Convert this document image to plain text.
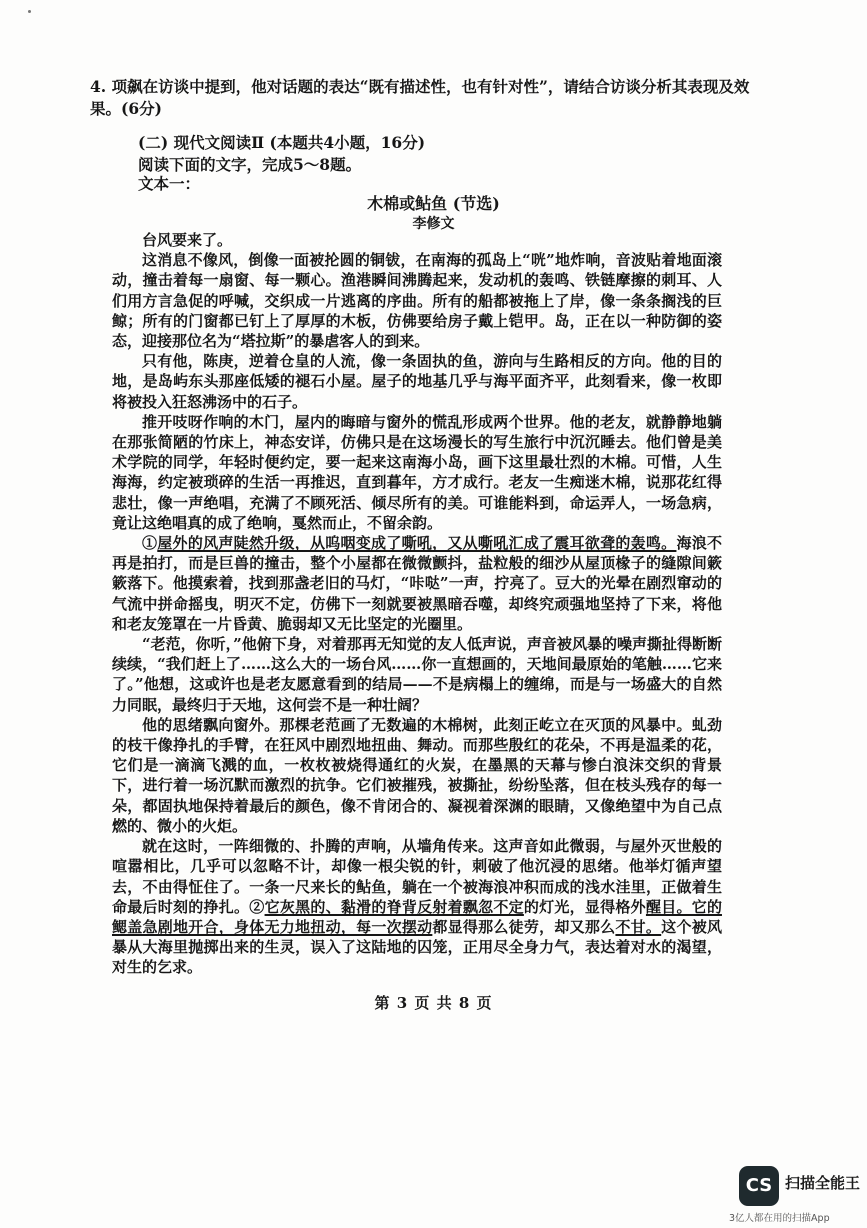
4. 项飙在访谈中提到，他对话题的表达“既有描述性，也有针对性”，请结合访谈分析其表现及效果。(6分)
(二) 现代文阅读Ⅱ (本题共4小题，16分)
阅读下面的文字，完成5～8题。
文本一：
木棉或鲇鱼 (节选)
李修文

台风要来了。

这消息不像风，倒像一面被抡圆的铜钹，在南海的孤岛上“咣”地炸响，音波贴着地面滚动，撞击着每一扇窗、每一颗心。渔港瞬间沸腾起来，发动机的轰鸣、铁链摩擦的刺耳、人们用方言急促的呼喊，交织成一片逃离的序曲。所有的船都被拖上了岸，像一条条搁浅的巨鲸；所有的门窗都已钉上了厚厚的木板，仿佛要给房子戴上铠甲。岛，正在以一种防御的姿态，迎接那位名为“塔拉斯”的暴虐客人的到来。

只有他，陈庚，逆着仓皇的人流，像一条固执的鱼，游向与生路相反的方向。他的目的地，是岛屿东头那座低矮的褪石小屋。屋子的地基几乎与海平面齐平，此刻看来，像一枚即将被投入狂怒沸汤中的石子。

推开吱呀作响的木门，屋内的晦暗与窗外的慌乱形成两个世界。他的老友，就静静地躺在那张简陋的竹床上，神态安详，仿佛只是在这场漫长的写生旅行中沉沉睡去。他们曾是美术学院的同学，年轻时便约定，要一起来这南海小岛，画下这里最壮烈的木棉。可惜，人生海海，约定被琐碎的生活一再推迟，直到暮年，方才成行。老友一生痴迷木棉，说那花红得悲壮，像一声绝唱，充满了不顾死活、倾尽所有的美。可谁能料到，命运弄人，一场急病，竟让这绝唱真的成了绝响，戛然而止，不留余韵。

①屋外的风声陡然升级，从呜咽变成了嘶吼，又从嘶吼汇成了震耳欲聋的轰鸣。海浪不再是拍打，而是巨兽的撞击，整个小屋都在微微颤抖，盐粒般的细沙从屋顶椽子的缝隙间簌簌落下。他摸索着，找到那盏老旧的马灯，“咔哒”一声，拧亮了。豆大的光晕在剧烈窜动的气流中拼命摇曳，明灭不定，仿佛下一刻就要被黑暗吞噬，却终究顽强地坚持了下来，将他和老友笼罩在一片昏黄、脆弱却又无比坚定的光圈里。

“老范，你听，”他俯下身，对着那再无知觉的友人低声说，声音被风暴的噪声撕扯得断断续续，“我们赶上了……这么大的一场台风……你一直想画的，天地间最原始的笔触……它来了。”他想，这或许也是老友愿意看到的结局——不是病榻上的缠绵，而是与一场盛大的自然力同眠，最终归于天地，这何尝不是一种壮阔？

他的思绪飘向窗外。那棵老范画了无数遍的木棉树，此刻正屹立在灭顶的风暴中。虬劲的枝干像挣扎的手臂，在狂风中剧烈地扭曲、舞动。而那些殷红的花朵，不再是温柔的花，它们是一滴滴飞溅的血，一枚枚被烧得通红的火炭，在墨黑的天幕与惨白浪沫交织的背景下，进行着一场沉默而激烈的抗争。它们被摧残，被撕扯，纷纷坠落，但在枝头残存的每一朵，都固执地保持着最后的颜色，像不肯闭合的、凝视着深渊的眼睛，又像绝望中为自己点燃的、微小的火炬。

就在这时，一阵细微的、扑腾的声响，从墙角传来。这声音如此微弱，与屋外灭世般的喧嚣相比，几乎可以忽略不计，却像一根尖锐的针，刺破了他沉浸的思绪。他举灯循声望去，不由得怔住了。一条一尺来长的鲇鱼，躺在一个被海浪冲积而成的浅水洼里，正做着生命最后时刻的挣扎。②它灰黑的、黏滑的脊背反射着飘忽不定的灯光，显得格外醒目。它的鳃盖急剧地开合，身体无力地扭动，每一次摆动都显得那么徒劳，却又那么不甘。这个被风暴从大海里抛掷出来的生灵，误入了这陆地的囚笼，正用尽全身力气，表达着对水的渴望，对生的乞求。

第 3 页 共 8 页
CS 扫描全能王
3亿人都在用的扫描App
